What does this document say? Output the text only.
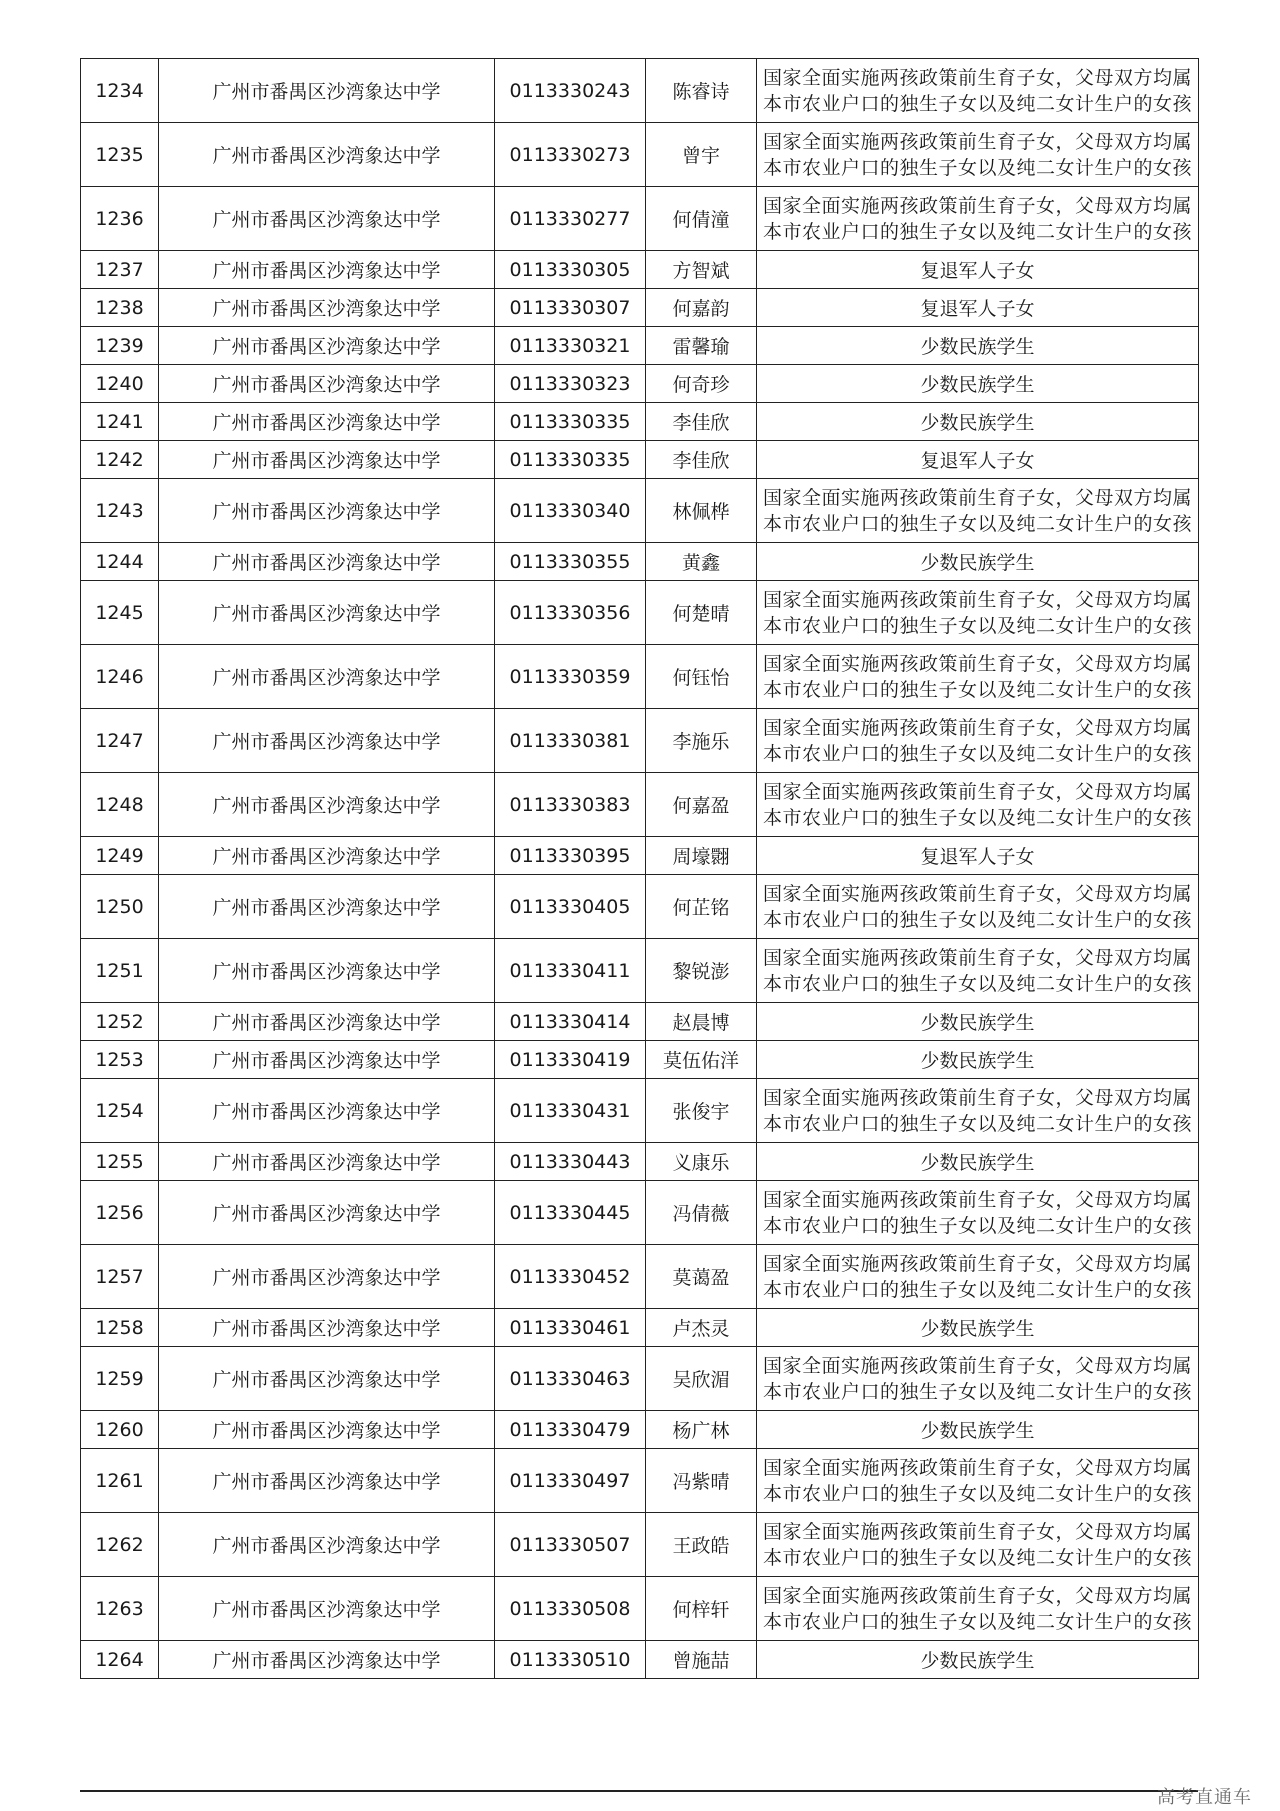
1234	广州市番禺区沙湾象达中学	0113330243	陈睿诗	国家全面实施两孩政策前生育子女，父母双方均属
本市农业户口的独生子女以及纯二女计生户的女孩

1235	广州市番禺区沙湾象达中学	0113330273	曾宇	国家全面实施两孩政策前生育子女，父母双方均属
本市农业户口的独生子女以及纯二女计生户的女孩

1236	广州市番禺区沙湾象达中学	0113330277	何倩潼	国家全面实施两孩政策前生育子女，父母双方均属
本市农业户口的独生子女以及纯二女计生户的女孩

1237	广州市番禺区沙湾象达中学	0113330305	方智斌	复退军人子女
1238	广州市番禺区沙湾象达中学	0113330307	何嘉韵	复退军人子女
1239	广州市番禺区沙湾象达中学	0113330321	雷馨瑜	少数民族学生
1240	广州市番禺区沙湾象达中学	0113330323	何奇珍	少数民族学生
1241	广州市番禺区沙湾象达中学	0113330335	李佳欣	少数民族学生
1242	广州市番禺区沙湾象达中学	0113330335	李佳欣	复退军人子女
1243	广州市番禺区沙湾象达中学	0113330340	林佩桦	国家全面实施两孩政策前生育子女，父母双方均属
本市农业户口的独生子女以及纯二女计生户的女孩

1244	广州市番禺区沙湾象达中学	0113330355	黄鑫	少数民族学生
1245	广州市番禺区沙湾象达中学	0113330356	何楚晴	国家全面实施两孩政策前生育子女，父母双方均属
本市农业户口的独生子女以及纯二女计生户的女孩

1246	广州市番禺区沙湾象达中学	0113330359	何钰怡	国家全面实施两孩政策前生育子女，父母双方均属
本市农业户口的独生子女以及纯二女计生户的女孩

1247	广州市番禺区沙湾象达中学	0113330381	李施乐	国家全面实施两孩政策前生育子女，父母双方均属
本市农业户口的独生子女以及纯二女计生户的女孩

1248	广州市番禺区沙湾象达中学	0113330383	何嘉盈	国家全面实施两孩政策前生育子女，父母双方均属
本市农业户口的独生子女以及纯二女计生户的女孩

1249	广州市番禺区沙湾象达中学	0113330395	周壕翾	复退军人子女
1250	广州市番禺区沙湾象达中学	0113330405	何芷铭	国家全面实施两孩政策前生育子女，父母双方均属
本市农业户口的独生子女以及纯二女计生户的女孩

1251	广州市番禺区沙湾象达中学	0113330411	黎锐澎	国家全面实施两孩政策前生育子女，父母双方均属
本市农业户口的独生子女以及纯二女计生户的女孩

1252	广州市番禺区沙湾象达中学	0113330414	赵晨博	少数民族学生
1253	广州市番禺区沙湾象达中学	0113330419	莫伍佑洋	少数民族学生
1254	广州市番禺区沙湾象达中学	0113330431	张俊宇	国家全面实施两孩政策前生育子女，父母双方均属
本市农业户口的独生子女以及纯二女计生户的女孩

1255	广州市番禺区沙湾象达中学	0113330443	义康乐	少数民族学生
1256	广州市番禺区沙湾象达中学	0113330445	冯倩薇	国家全面实施两孩政策前生育子女，父母双方均属
本市农业户口的独生子女以及纯二女计生户的女孩

1257	广州市番禺区沙湾象达中学	0113330452	莫蔼盈	国家全面实施两孩政策前生育子女，父母双方均属
本市农业户口的独生子女以及纯二女计生户的女孩

1258	广州市番禺区沙湾象达中学	0113330461	卢杰灵	少数民族学生
1259	广州市番禺区沙湾象达中学	0113330463	吴欣湄	国家全面实施两孩政策前生育子女，父母双方均属
本市农业户口的独生子女以及纯二女计生户的女孩

1260	广州市番禺区沙湾象达中学	0113330479	杨广林	少数民族学生
1261	广州市番禺区沙湾象达中学	0113330497	冯紫晴	国家全面实施两孩政策前生育子女，父母双方均属
本市农业户口的独生子女以及纯二女计生户的女孩

1262	广州市番禺区沙湾象达中学	0113330507	王政皓	国家全面实施两孩政策前生育子女，父母双方均属
本市农业户口的独生子女以及纯二女计生户的女孩

1263	广州市番禺区沙湾象达中学	0113330508	何梓轩	国家全面实施两孩政策前生育子女，父母双方均属
本市农业户口的独生子女以及纯二女计生户的女孩

1264	广州市番禺区沙湾象达中学	0113330510	曾施喆	少数民族学生
高考直通车
